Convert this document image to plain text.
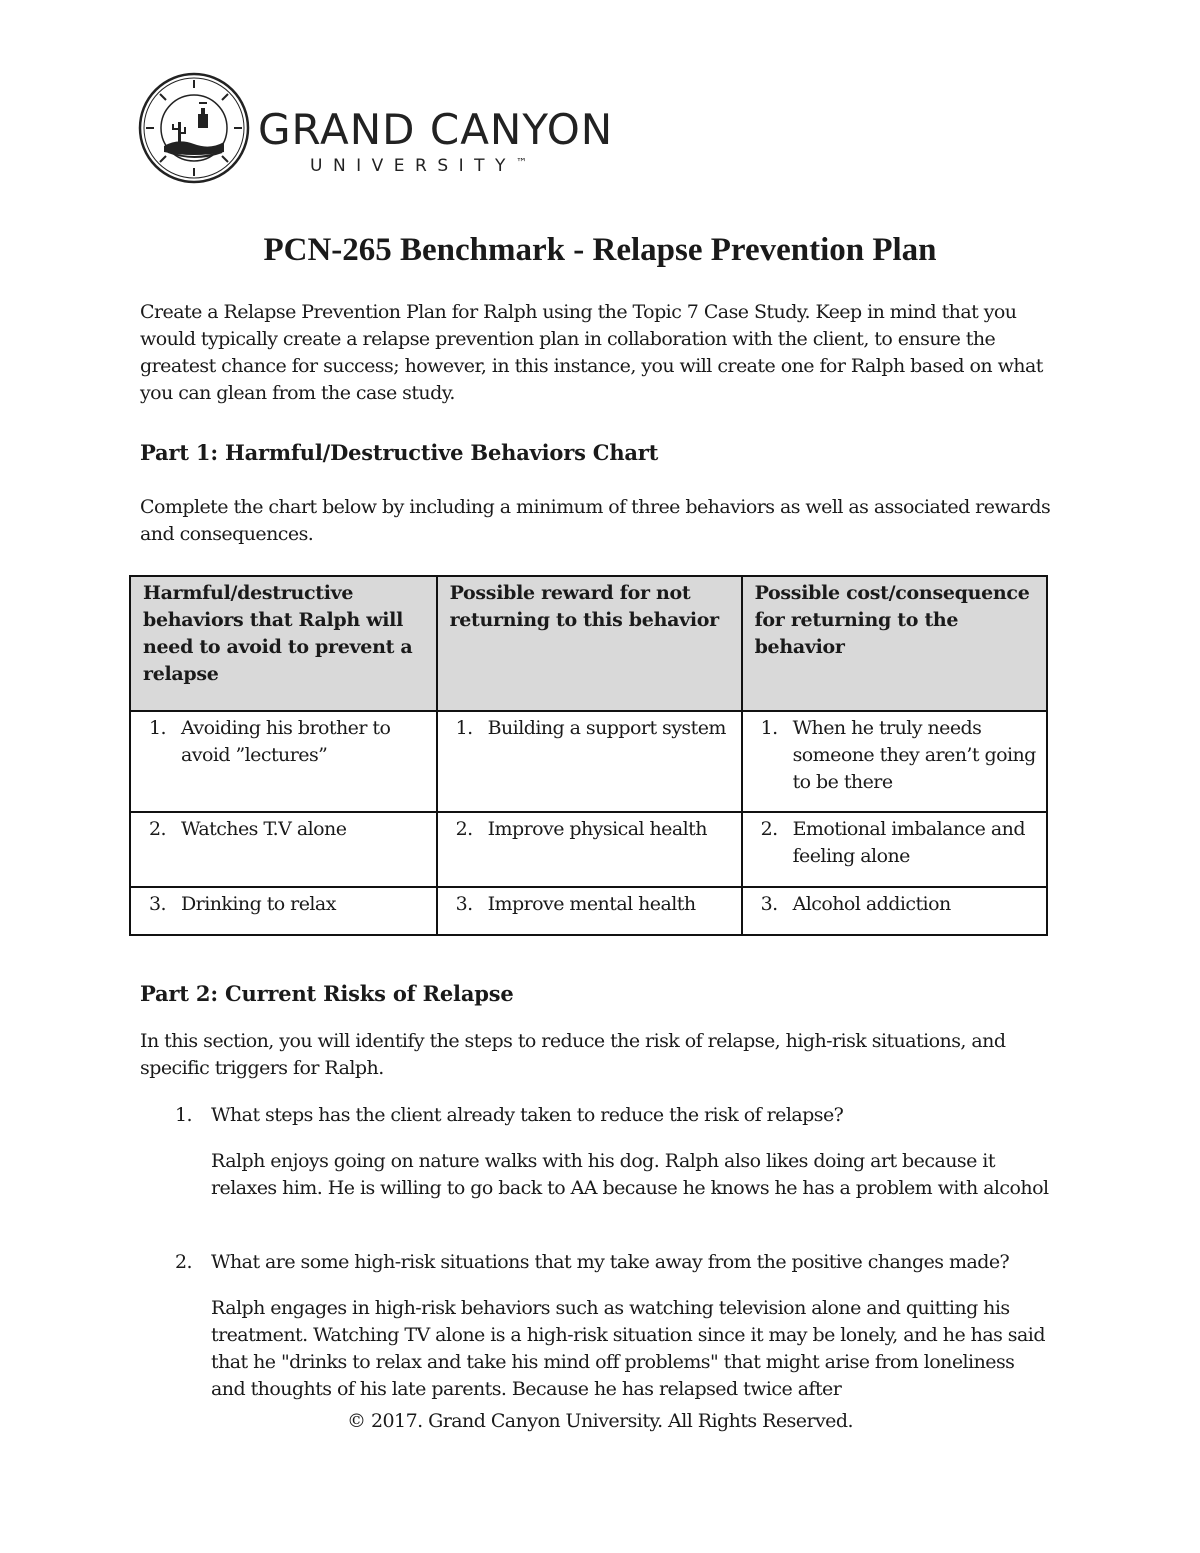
GRAND CANYON
UNIVERSITY™
PCN-265 Benchmark - Relapse Prevention Plan
Create a Relapse Prevention Plan for Ralph using the Topic 7 Case Study. Keep in mind that you would typically create a relapse prevention plan in collaboration with the client, to ensure the greatest chance for success; however, in this instance, you will create one for Ralph based on what you can glean from the case study.
Part 1: Harmful/Destructive Behaviors Chart
Complete the chart below by including a minimum of three behaviors as well as associated rewards and consequences.
Harmful/destructive behaviors that Ralph will need to avoid to prevent a relapse	Possible reward for not returning to this behavior	Possible cost/consequence for returning to the behavior

1. Avoiding his brother to avoid ”lectures”	1. Building a support system	1. When he truly needs someone they aren’t going to be there

2. Watches T.V alone	2. Improve physical health	2. Emotional imbalance and feeling alone

3. Drinking to relax	3. Improve mental health	3. Alcohol addiction
Part 2: Current Risks of Relapse
In this section, you will identify the steps to reduce the risk of relapse, high-risk situations, and specific triggers for Ralph.
1. What steps has the client already taken to reduce the risk of relapse?
Ralph enjoys going on nature walks with his dog. Ralph also likes doing art because it relaxes him. He is willing to go back to AA because he knows he has a problem with alcohol
2. What are some high-risk situations that my take away from the positive changes made?
Ralph engages in high-risk behaviors such as watching television alone and quitting his treatment. Watching TV alone is a high-risk situation since it may be lonely, and he has said that he "drinks to relax and take his mind off problems" that might arise from loneliness and thoughts of his late parents. Because he has relapsed twice after
© 2017. Grand Canyon University. All Rights Reserved.
